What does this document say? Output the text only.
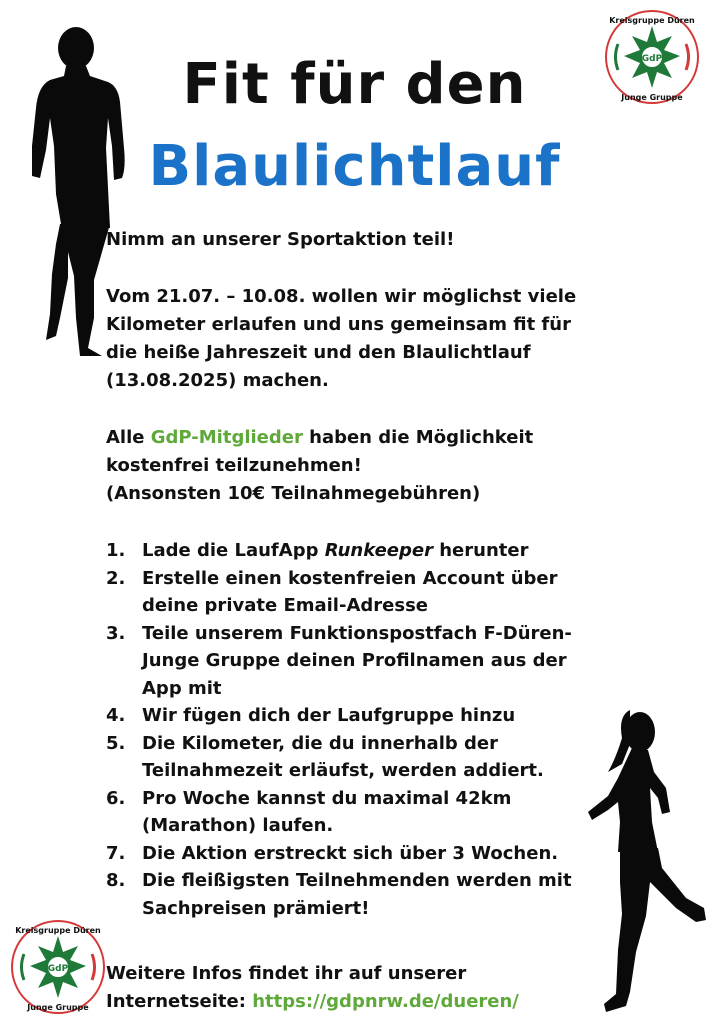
GdP
Kreisgruppe Düren
Junge Gruppe
GdP
Kreisgruppe Düren
Junge Gruppe
Fit für den
Blaulichtlauf
Nimm an unserer Sportaktion teil!
Vom 21.07. – 10.08. wollen wir möglichst viele
Kilometer erlaufen und uns gemeinsam fit für
die heiße Jahreszeit und den Blaulichtlauf
(13.08.2025) machen.
Alle GdP-Mitglieder haben die Möglichkeit
kostenfrei teilzunehmen!
(Ansonsten 10€ Teilnahmegebühren)
1. Lade die LaufApp Runkeeper herunter
2. Erstelle einen kostenfreien Account über
deine private Email-Adresse
3. Teile unserem Funktionspostfach F-Düren-
Junge Gruppe deinen Profilnamen aus der
App mit
4. Wir fügen dich der Laufgruppe hinzu
5. Die Kilometer, die du innerhalb der
Teilnahmezeit erläufst, werden addiert.
6. Pro Woche kannst du maximal 42km
(Marathon) laufen.
7. Die Aktion erstreckt sich über 3 Wochen.
8. Die fleißigsten Teilnehmenden werden mit
Sachpreisen prämiert!
Weitere Infos findet ihr auf unserer
Internetseite: https://gdpnrw.de/dueren/
